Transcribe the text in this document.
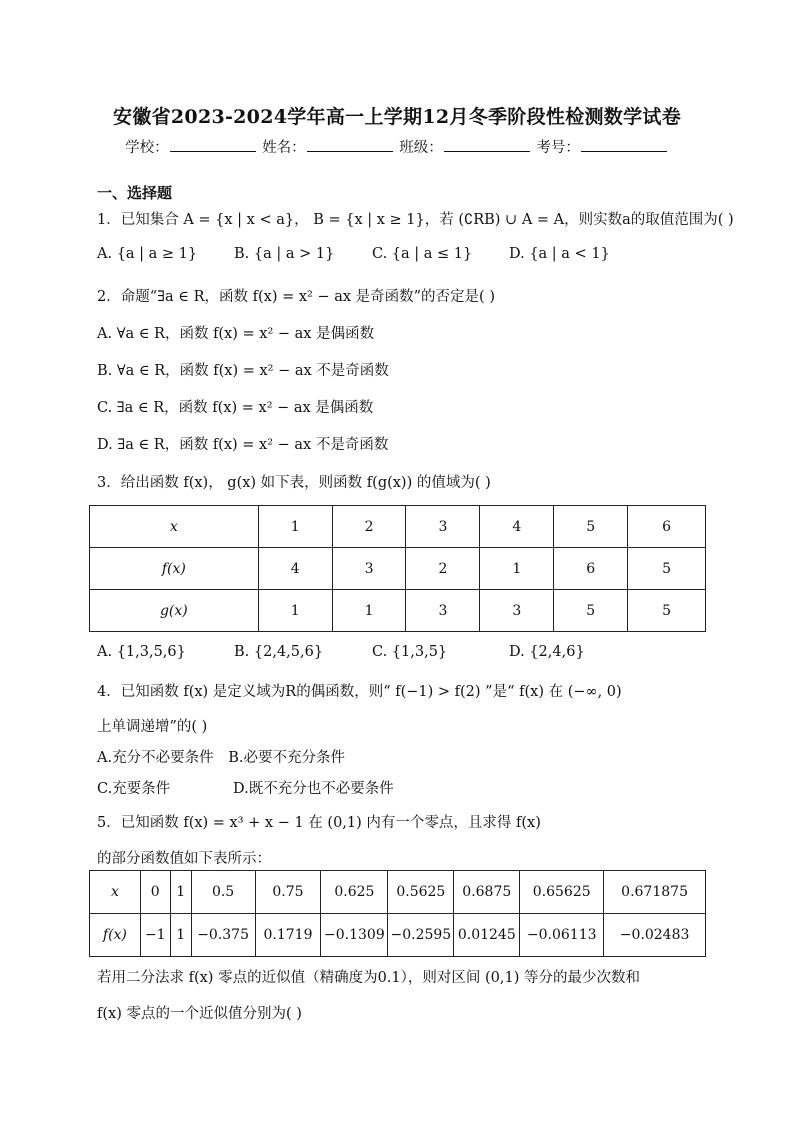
安徽省2023-2024学年高一上学期12月冬季阶段性检测数学试卷
学校：	姓名：	班级：	考号：
一、选择题
1．已知集合 A = {x | x < a}， B = {x | x ≥ 1}，若 (∁RB) ∪ A = A，则实数a的取值范围为( )
A. {a | a ≥ 1}	B. {a | a > 1}	C. {a | a ≤ 1}	D. {a | a < 1}
2．命题“∃a ∈ R，函数 f(x) = x² − ax 是奇函数”的否定是( )
A. ∀a ∈ R，函数 f(x) = x² − ax 是偶函数
B. ∀a ∈ R，函数 f(x) = x² − ax 不是奇函数
C. ∃a ∈ R，函数 f(x) = x² − ax 是偶函数
D. ∃a ∈ R，函数 f(x) = x² − ax 不是奇函数
3．给出函数 f(x)， g(x) 如下表，则函数 f(g(x)) 的值域为( )
x	1	2	3	4	5	6
f(x)	4	3	2	1	6	5
g(x)	1	1	3	3	5	5
A. {1,3,5,6}	B. {2,4,5,6}	C. {1,3,5}	D. {2,4,6}
4．已知函数 f(x) 是定义域为R的偶函数，则“ f(−1) > f(2) ”是“ f(x) 在 (−∞, 0)
上单调递增”的( )
A.充分不必要条件 B.必要不充分条件
C.充要条件	D.既不充分也不必要条件
5．已知函数 f(x) = x³ + x − 1 在 (0,1) 内有一个零点，且求得 f(x)
的部分函数值如下表所示：
x	0	1	0.5	0.75	0.625	0.5625	0.6875	0.65625	0.671875
f(x)	−1	1	−0.375	0.1719	−0.1309	−0.2595	0.01245	−0.06113	−0.02483
若用二分法求 f(x) 零点的近似值（精确度为0.1），则对区间 (0,1) 等分的最少次数和
f(x) 零点的一个近似值分别为( )
